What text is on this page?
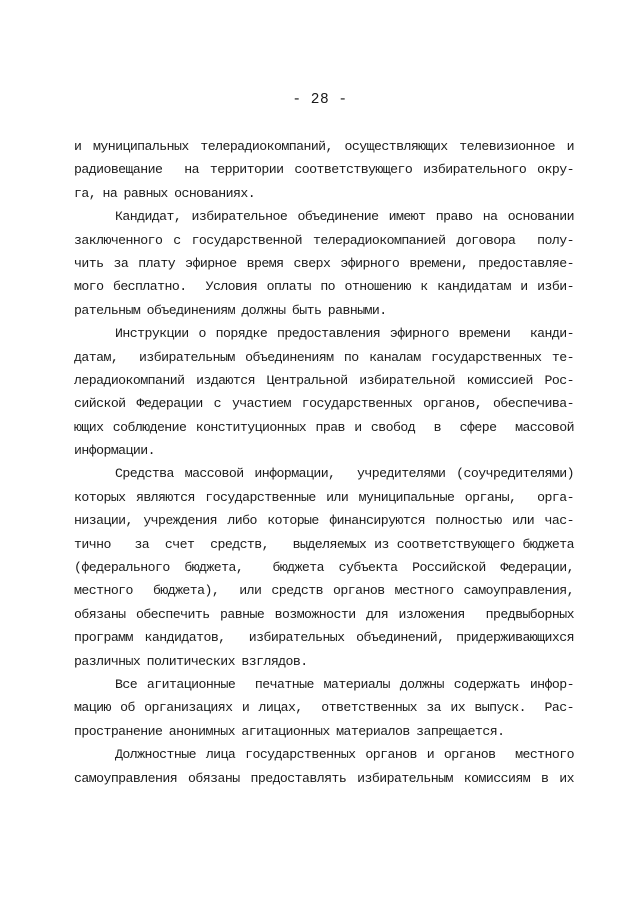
- 28 -
и муниципальных телерадиокомпаний, осуществляющих телевизионное и
радиовещание  на территории соответствующего избирательного окру-
га, на равных основаниях.
Кандидат, избирательное объединение имеют право на основании
заключенного с государственной телерадиокомпанией договора  полу-
чить за плату эфирное время сверх эфирного времени, предоставляе-
мого бесплатно.  Условия оплаты по отношению к кандидатам и изби-
рательным объединениям должны быть равными.
Инструкции о порядке предоставления эфирного времени  канди-
датам,  избирательным объединениям по каналам государственных те-
лерадиокомпаний издаются Центральной избирательной комиссией Рос-
сийской Федерации с участием государственных органов, обеспечива-
ющих соблюдение конституционных прав и свобод  в  сфере  массовой
информации.
Средства массовой информации,  учредителями (соучредителями)
которых являются государственные или муниципальные органы,  орга-
низации, учреждения либо которые финансируются полностью или час-
тично   за  счет  средств,   выделяемых из соответствующего бюджета
(федерального бюджета,  бюджета субъекта Российской Федерации,
местного  бюджета),  или средств органов местного самоуправления,
обязаны обеспечить равные возможности для изложения  предвыборных
программ кандидатов,  избирательных объединений, придерживающихся
различных политических взглядов.
Все агитационные  печатные материалы должны содержать инфор-
мацию об организациях и лицах,  ответственных за их выпуск.  Рас-
пространение анонимных агитационных материалов запрещается.
Должностные лица государственных органов и органов  местного
самоуправления обязаны предоставлять избирательным комиссиям в их
